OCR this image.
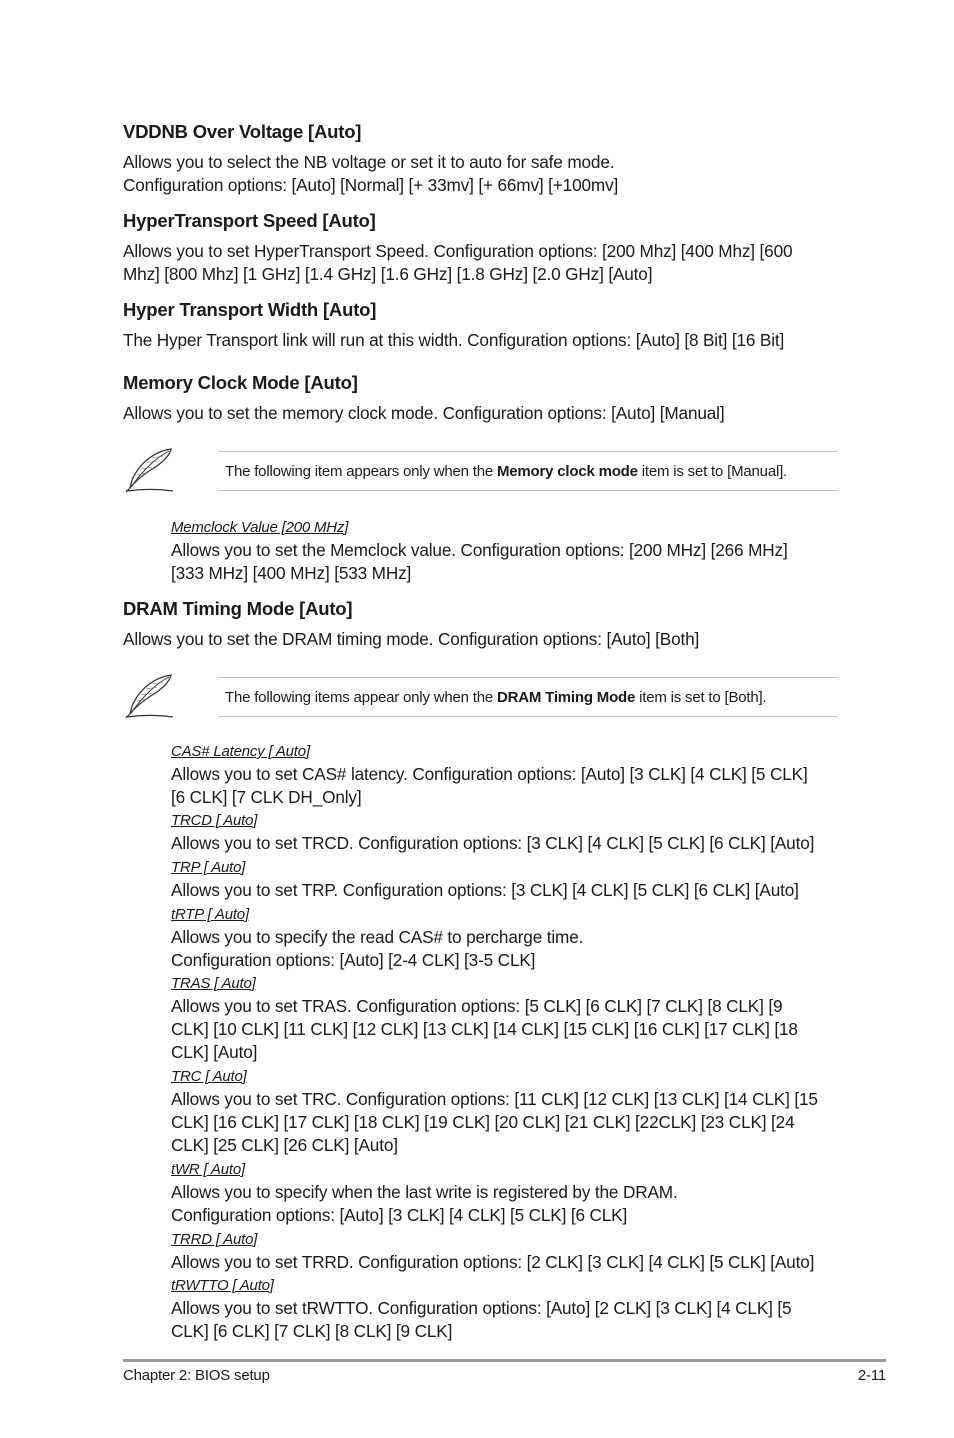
VDDNB Over Voltage [Auto]
Allows you to select the NB voltage or set it to auto for safe mode.
Configuration options: [Auto] [Normal] [+ 33mv] [+ 66mv] [+100mv]
HyperTransport Speed [Auto]
Allows you to set HyperTransport Speed. Configuration options: [200 Mhz] [400 Mhz] [600
Mhz] [800 Mhz] [1 GHz] [1.4 GHz] [1.6 GHz] [1.8 GHz] [2.0 GHz] [Auto]
Hyper Transport Width [Auto]
The Hyper Transport link will run at this width. Configuration options: [Auto] [8 Bit] [16 Bit]
Memory Clock Mode [Auto]
Allows you to set the memory clock mode. Configuration options: [Auto] [Manual]
The following item appears only when the Memory clock mode item is set to [Manual].
Memclock Value [200 MHz]
Allows you to set the Memclock value. Configuration options: [200 MHz] [266 MHz]
[333 MHz] [400 MHz] [533 MHz]
DRAM Timing Mode [Auto]
Allows you to set the DRAM timing mode. Configuration options: [Auto] [Both]
The following items appear only when the DRAM Timing Mode item is set to [Both].
CAS# Latency [ Auto]
Allows you to set CAS# latency. Configuration options: [Auto] [3 CLK] [4 CLK] [5 CLK]
[6 CLK] [7 CLK DH_Only]
TRCD [ Auto]
Allows you to set TRCD. Configuration options: [3 CLK] [4 CLK] [5 CLK] [6 CLK] [Auto]
TRP [ Auto]
Allows you to set TRP. Configuration options: [3 CLK] [4 CLK] [5 CLK] [6 CLK] [Auto]
tRTP [ Auto]
Allows you to specify the read CAS# to percharge time.
Configuration options: [Auto] [2-4 CLK] [3-5 CLK]
TRAS [ Auto]
Allows you to set TRAS. Configuration options: [5 CLK] [6 CLK] [7 CLK] [8 CLK] [9
CLK] [10 CLK] [11 CLK] [12 CLK] [13 CLK] [14 CLK] [15 CLK] [16 CLK] [17 CLK] [18
CLK] [Auto]
TRC [ Auto]
Allows you to set TRC. Configuration options: [11 CLK] [12 CLK] [13 CLK] [14 CLK] [15
CLK] [16 CLK] [17 CLK] [18 CLK] [19 CLK] [20 CLK] [21 CLK] [22CLK] [23 CLK] [24
CLK] [25 CLK] [26 CLK] [Auto]
tWR [ Auto]
Allows you to specify when the last write is registered by the DRAM.
Configuration options: [Auto] [3 CLK] [4 CLK] [5 CLK] [6 CLK]
TRRD [ Auto]
Allows you to set TRRD. Configuration options: [2 CLK] [3 CLK] [4 CLK] [5 CLK] [Auto]
tRWTTO [ Auto]
Allows you to set tRWTTO. Configuration options: [Auto] [2 CLK] [3 CLK] [4 CLK] [5
CLK] [6 CLK] [7 CLK] [8 CLK] [9 CLK]
Chapter 2: BIOS setup	2-11
